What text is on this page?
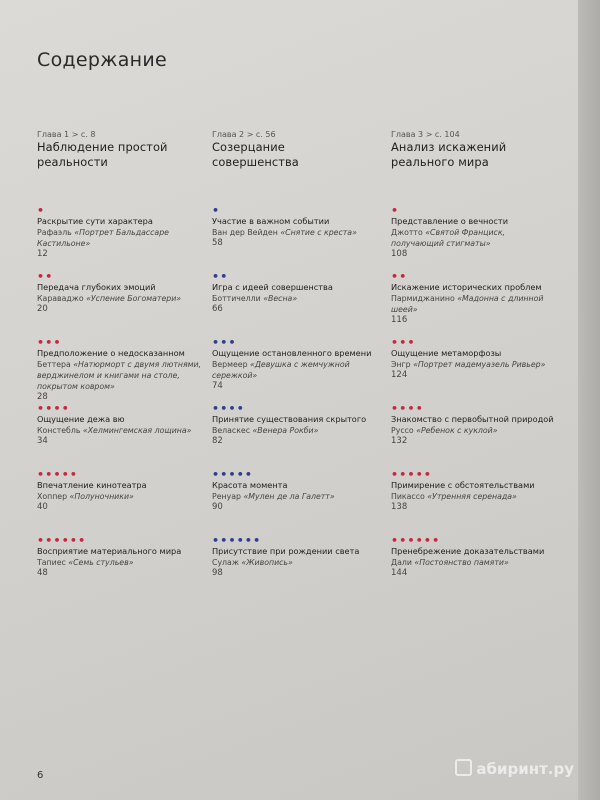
Содержание
Глава 1 > с. 8
Наблюдение простой реальности
•
Раскрытие сути характера
Рафаэль «Портрет Бальдассаре Кастильоне»
12
••
Передача глубоких эмоций
Караваджо «Успение Богоматери»
20
•••
Предположение о недосказанном
Беттера «Натюрморт с двумя лютнями, верджинелом и книгами на столе, покрытом ковром»
28
••••
Ощущение дежа вю
Констебль «Хелмингемская лощина»
34
•••••
Впечатление кинотеатра
Хоппер «Полуночники»
40
••••••
Восприятие материального мира
Тапиес «Семь стульев»
48
Глава 2 > с. 56
Созерцание совершенства
•
Участие в важном событии
Ван дер Вейден «Снятие с креста»
58
••
Игра с идеей совершенства
Боттичелли «Весна»
66
•••
Ощущение остановленного времени
Вермеер «Девушка с жемчужной сережкой»
74
••••
Принятие существования скрытого
Веласкес «Венера Рокби»
82
•••••
Красота момента
Ренуар «Мулен де ла Галетт»
90
••••••
Присутствие при рождении света
Сулаж «Живопись»
98
Глава 3 > с. 104
Анализ искажений реального мира
•
Представление о вечности
Джотто «Святой Франциск, получающий стигматы»
108
••
Искажение исторических проблем
Пармиджанино «Мадонна с длинной шеей»
116
•••
Ощущение метаморфозы
Энгр «Портрет мадемуазель Ривьер»
124
••••
Знакомство с первобытной природой
Руссо «Ребенок с куклой»
132
•••••
Примирение с обстоятельствами
Пикассо «Утренняя серенада»
138
••••••
Пренебрежение доказательствами
Дали «Постоянство памяти»
144
6	абиринт.ру
